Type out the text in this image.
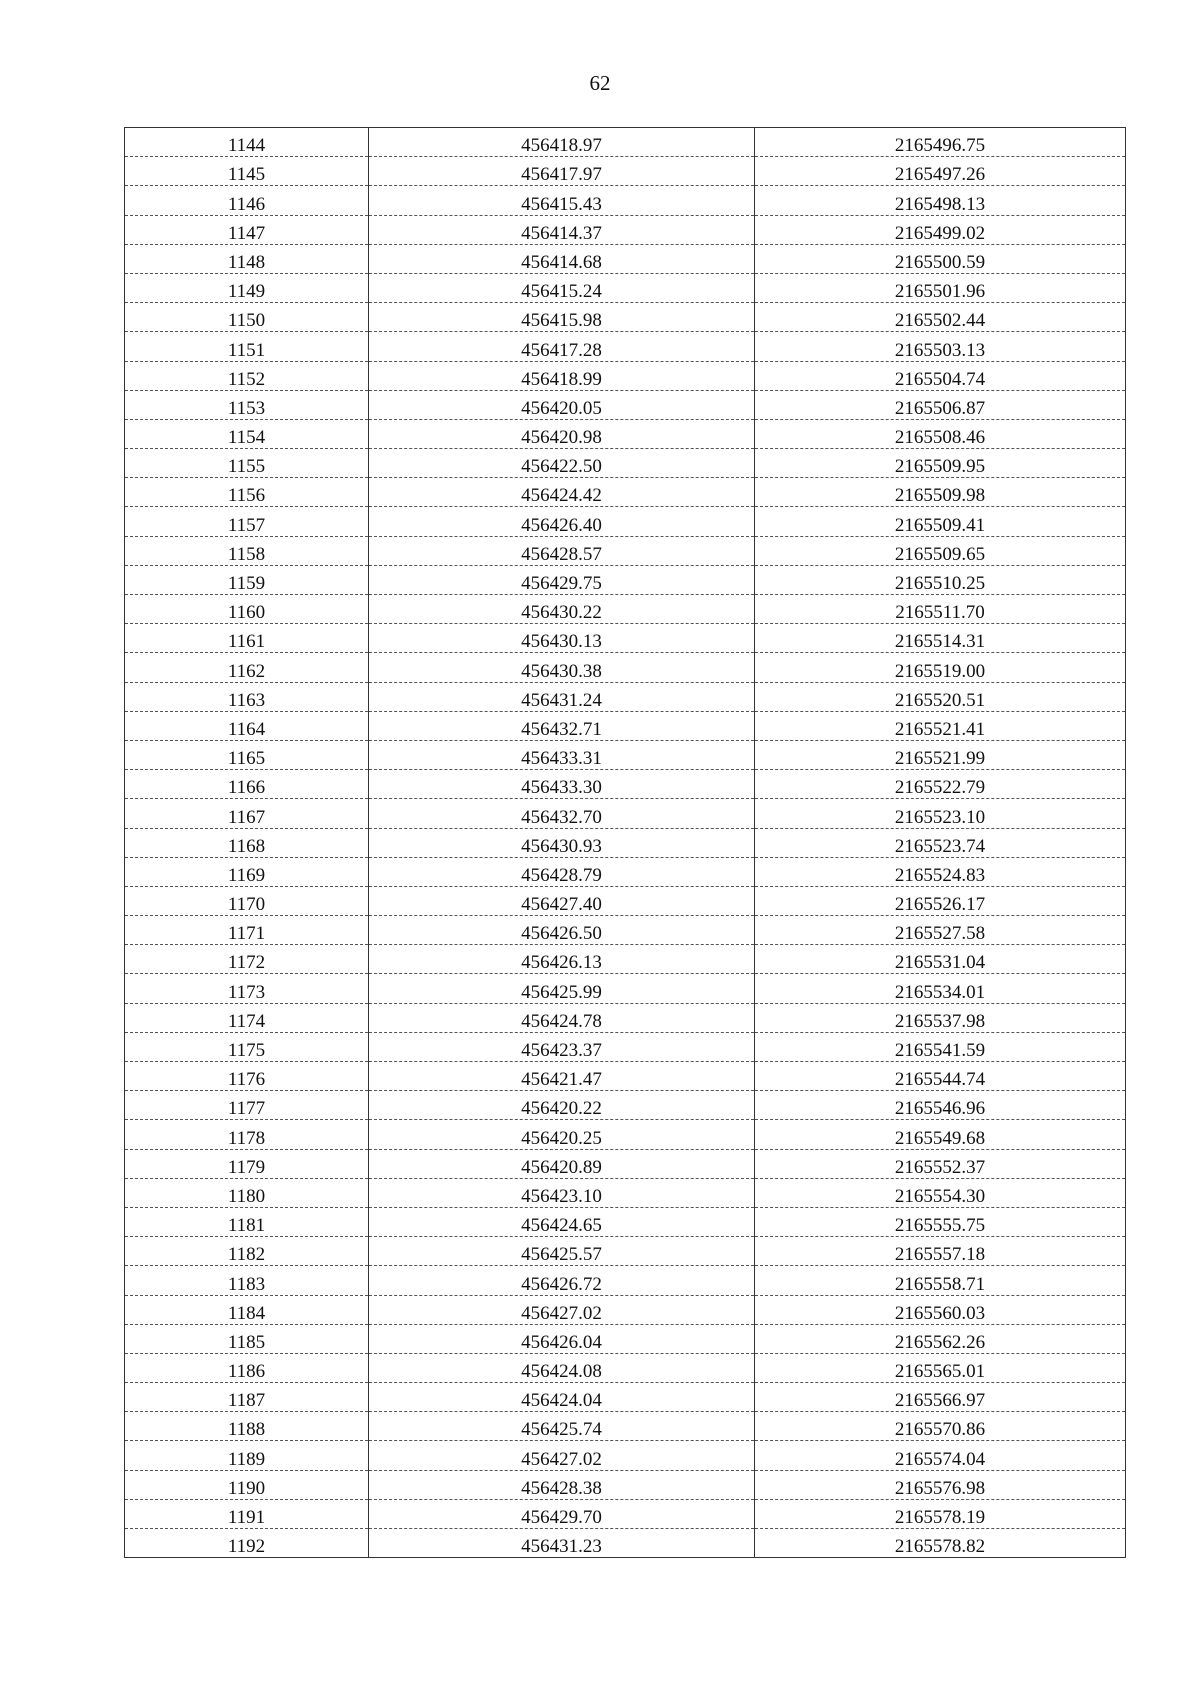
62
1144	456418.97	2165496.75
1145	456417.97	2165497.26
1146	456415.43	2165498.13
1147	456414.37	2165499.02
1148	456414.68	2165500.59
1149	456415.24	2165501.96
1150	456415.98	2165502.44
1151	456417.28	2165503.13
1152	456418.99	2165504.74
1153	456420.05	2165506.87
1154	456420.98	2165508.46
1155	456422.50	2165509.95
1156	456424.42	2165509.98
1157	456426.40	2165509.41
1158	456428.57	2165509.65
1159	456429.75	2165510.25
1160	456430.22	2165511.70
1161	456430.13	2165514.31
1162	456430.38	2165519.00
1163	456431.24	2165520.51
1164	456432.71	2165521.41
1165	456433.31	2165521.99
1166	456433.30	2165522.79
1167	456432.70	2165523.10
1168	456430.93	2165523.74
1169	456428.79	2165524.83
1170	456427.40	2165526.17
1171	456426.50	2165527.58
1172	456426.13	2165531.04
1173	456425.99	2165534.01
1174	456424.78	2165537.98
1175	456423.37	2165541.59
1176	456421.47	2165544.74
1177	456420.22	2165546.96
1178	456420.25	2165549.68
1179	456420.89	2165552.37
1180	456423.10	2165554.30
1181	456424.65	2165555.75
1182	456425.57	2165557.18
1183	456426.72	2165558.71
1184	456427.02	2165560.03
1185	456426.04	2165562.26
1186	456424.08	2165565.01
1187	456424.04	2165566.97
1188	456425.74	2165570.86
1189	456427.02	2165574.04
1190	456428.38	2165576.98
1191	456429.70	2165578.19
1192	456431.23	2165578.82
